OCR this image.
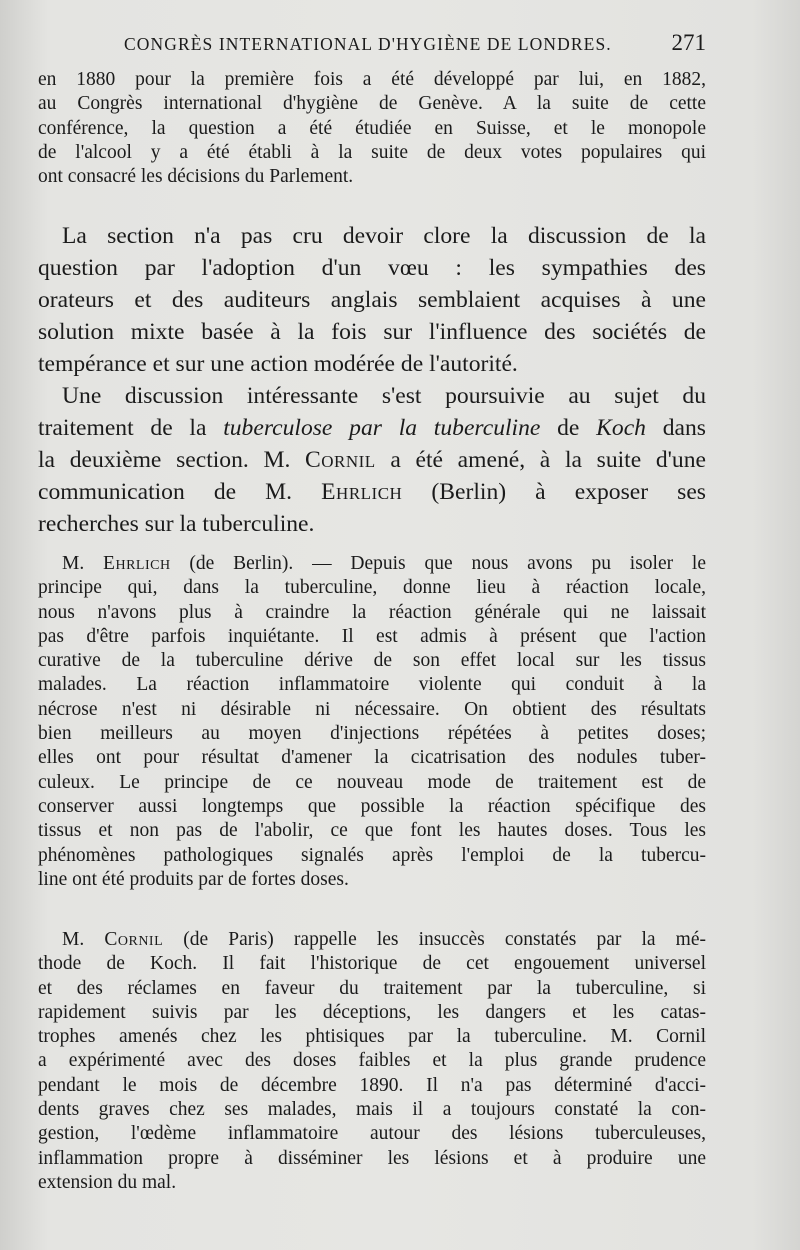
CONGRÈS INTERNATIONAL D'HYGIÈNE DE LONDRES.	271
en 1880 pour la première fois a été développé par lui, en 1882,
au Congrès international d'hygiène de Genève. A la suite de cette
conférence, la question a été étudiée en Suisse, et le monopole
de l'alcool y a été établi à la suite de deux votes populaires qui
ont consacré les décisions du Parlement.
La section n'a pas cru devoir clore la discussion de la
question par l'adoption d'un vœu : les sympathies des
orateurs et des auditeurs anglais semblaient acquises à une
solution mixte basée à la fois sur l'influence des sociétés de
tempérance et sur une action modérée de l'autorité.
Une discussion intéressante s'est poursuivie au sujet du
traitement de la tuberculose par la tuberculine de Koch dans
la deuxième section. M. Cornil a été amené, à la suite d'une
communication de M. Ehrlich (Berlin) à exposer ses
recherches sur la tuberculine.
M. Ehrlich (de Berlin). — Depuis que nous avons pu isoler le
principe qui, dans la tuberculine, donne lieu à réaction locale,
nous n'avons plus à craindre la réaction générale qui ne laissait
pas d'être parfois inquiétante. Il est admis à présent que l'action
curative de la tuberculine dérive de son effet local sur les tissus
malades. La réaction inflammatoire violente qui conduit à la
nécrose n'est ni désirable ni nécessaire. On obtient des résultats
bien meilleurs au moyen d'injections répétées à petites doses;
elles ont pour résultat d'amener la cicatrisation des nodules tuber-
culeux. Le principe de ce nouveau mode de traitement est de
conserver aussi longtemps que possible la réaction spécifique des
tissus et non pas de l'abolir, ce que font les hautes doses. Tous les
phénomènes pathologiques signalés après l'emploi de la tubercu-
line ont été produits par de fortes doses.
M. Cornil (de Paris) rappelle les insuccès constatés par la mé-
thode de Koch. Il fait l'historique de cet engouement universel
et des réclames en faveur du traitement par la tuberculine, si
rapidement suivis par les déceptions, les dangers et les catas-
trophes amenés chez les phtisiques par la tuberculine. M. Cornil
a expérimenté avec des doses faibles et la plus grande prudence
pendant le mois de décembre 1890. Il n'a pas déterminé d'acci-
dents graves chez ses malades, mais il a toujours constaté la con-
gestion, l'œdème inflammatoire autour des lésions tuberculeuses,
inflammation propre à disséminer les lésions et à produire une
extension du mal.
